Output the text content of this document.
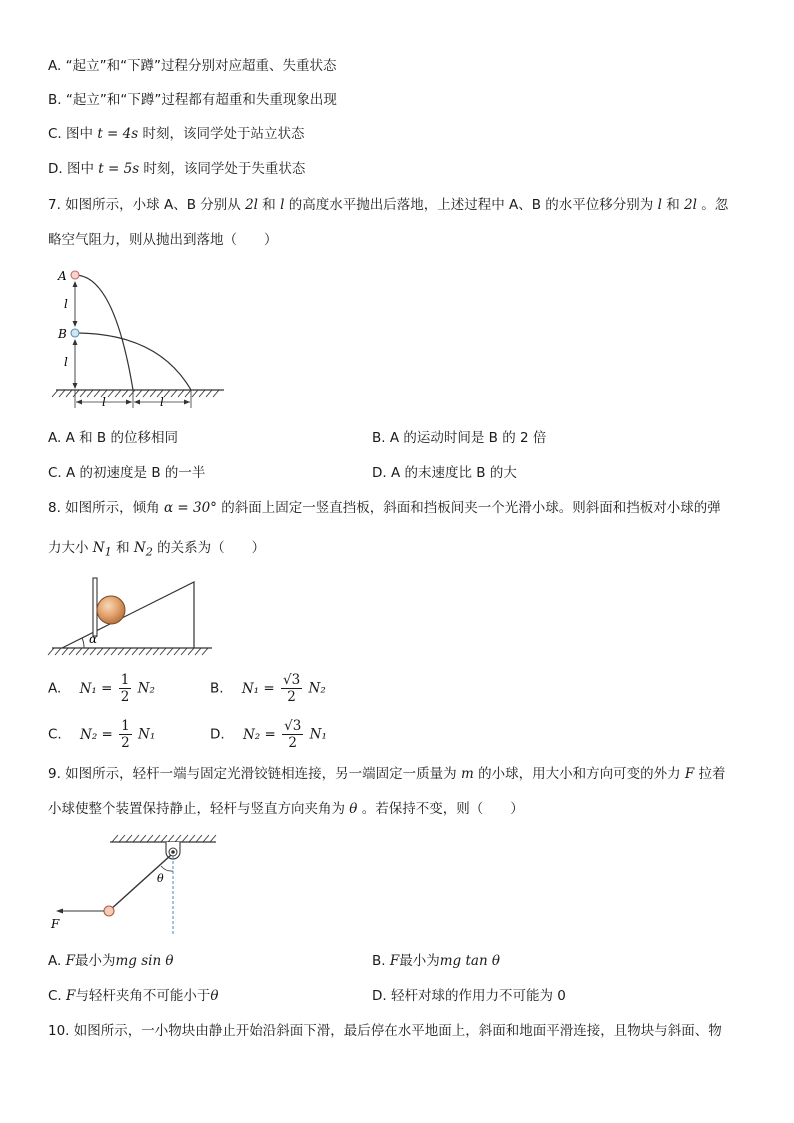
A. “起立”和“下蹲”过程分别对应超重、失重状态
B. “起立”和“下蹲”过程都有超重和失重现象出现
C. 图中 t = 4s 时刻，该同学处于站立状态
D. 图中 t = 5s 时刻，该同学处于失重状态
7. 如图所示，小球 A、B 分别从 2l 和 l 的高度水平抛出后落地，上述过程中 A、B 的水平位移分别为 l 和 2l 。忽
略空气阻力，则从抛出到落地（　　）
A
B
l
l
l	l
A. A 和 B 的位移相同	B. A 的运动时间是 B 的 2 倍
C. A 的初速度是 B 的一半	D. A 的末速度比 B 的大
8. 如图所示，倾角 α = 30° 的斜面上固定一竖直挡板，斜面和挡板间夹一个光滑小球。则斜面和挡板对小球的弹
力大小 $N_1$ 和 $N_2$ 的关系为（　　）
α
A. $N_1 = \frac{1}{2} N_2$	B. $N_1 = \frac{√3}{2} N_2$
C. $N_2 = \frac{1}{2} N_1$	D. $N_2 = \frac{√3}{2} N_1$
9. 如图所示，轻杆一端与固定光滑铰链相连接，另一端固定一质量为 m 的小球，用大小和方向可变的外力 F 拉着
小球使整个装置保持静止，轻杆与竖直方向夹角为 θ 。若保持不变，则（　　）
F
θ
A. F最小为mg sin θ	B. F最小为mg tan θ
C. F与轻杆夹角不可能小于θ	D. 轻杆对球的作用力不可能为 0
10. 如图所示，一小物块由静止开始沿斜面下滑，最后停在水平地面上，斜面和地面平滑连接，且物块与斜面、物
